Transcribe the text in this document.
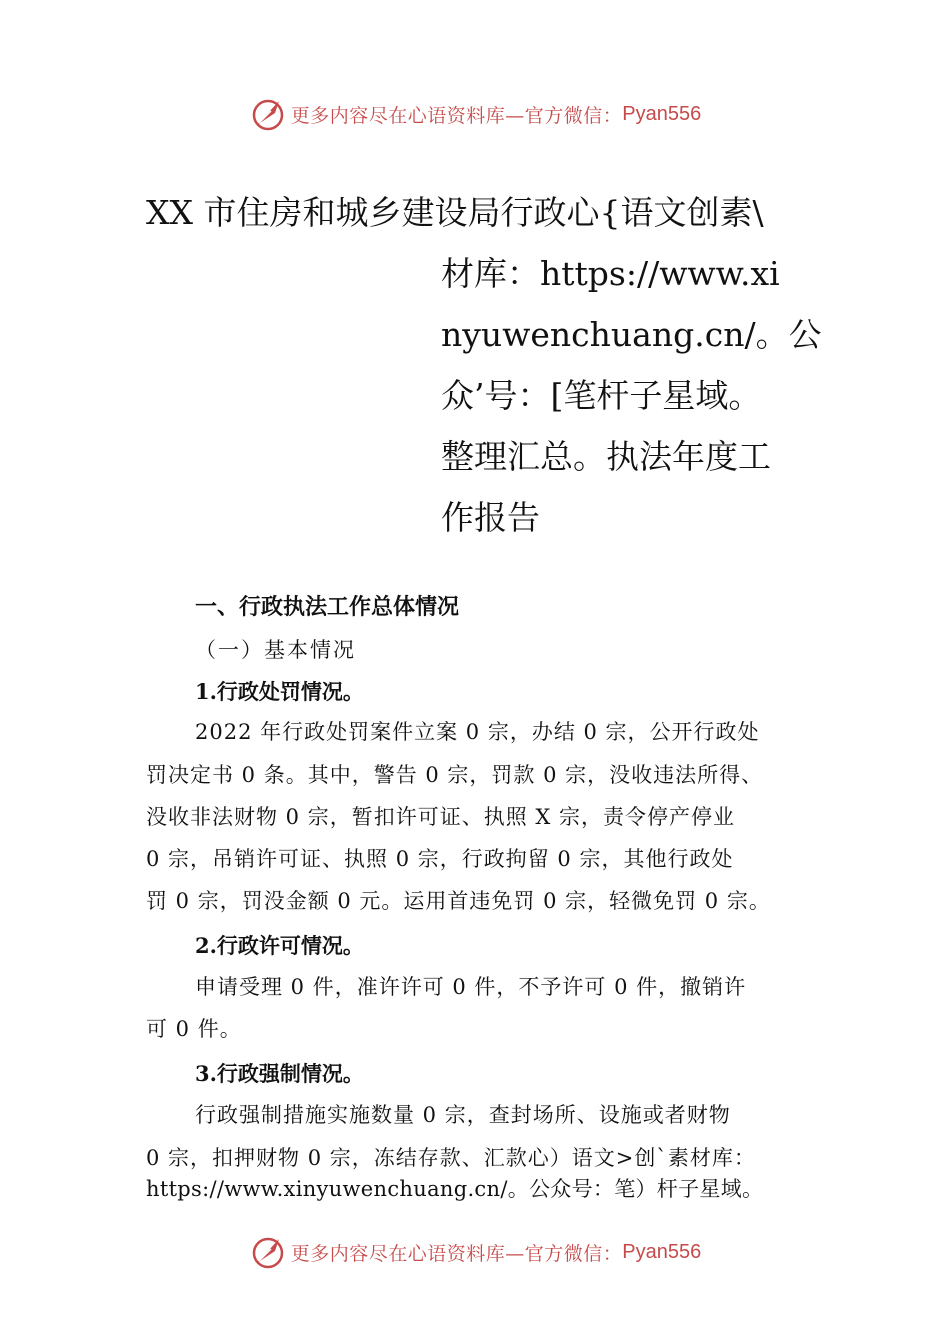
更多内容尽在心语资料库—官方微信： Pyan556
XX 市住房和城乡建设局行政心{语文创素\
材库：https://www.xi
nyuwenchuang.cn/。公
众’号：[笔杆子星域。
整理汇总。执法年度工
作报告
一、行政执法工作总体情况
（一）基本情况
1.行政处罚情况。
2022 年行政处罚案件立案 0 宗，办结 0 宗，公开行政处
罚决定书 0 条。其中，警告 0 宗，罚款 0 宗，没收违法所得、
没收非法财物 0 宗，暂扣许可证、执照 X 宗，责令停产停业
0 宗，吊销许可证、执照 0 宗，行政拘留 0 宗，其他行政处
罚 0 宗，罚没金额 0 元。运用首违免罚 0 宗，轻微免罚 0 宗。
2.行政许可情况。
申请受理 0 件，准许许可 0 件，不予许可 0 件，撤销许
可 0 件。
3.行政强制情况。
行政强制措施实施数量 0 宗，查封场所、设施或者财物
0 宗，扣押财物 0 宗，冻结存款、汇款心）语文>创`素材库：
https://www.xinyuwenchuang.cn/。公众号：笔）杆子星域。
更多内容尽在心语资料库—官方微信： Pyan556
